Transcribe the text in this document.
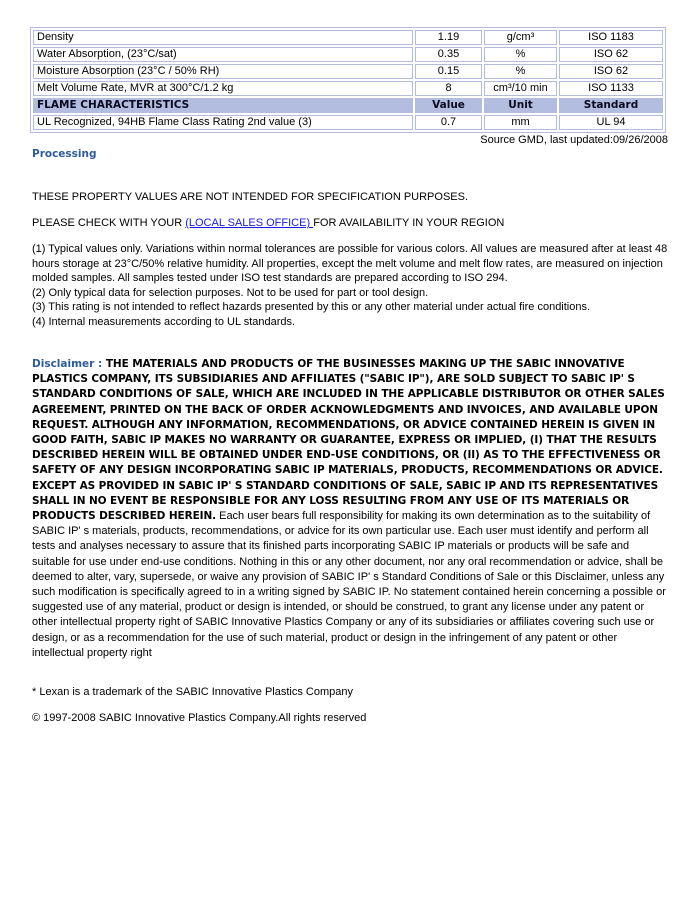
Density	1.19	g/cm³	ISO 1183
Water Absorption, (23°C/sat)	0.35	%	ISO 62
Moisture Absorption (23°C / 50% RH)	0.15	%	ISO 62
Melt Volume Rate, MVR at 300°C/1.2 kg	8	cm³/10 min	ISO 1133
FLAME CHARACTERISTICS	Value	Unit	Standard
UL Recognized, 94HB Flame Class Rating 2nd value (3)	0.7	mm	UL 94
Source GMD, last updated:09/26/2008
Processing

THESE PROPERTY VALUES ARE NOT INTENDED FOR SPECIFICATION PURPOSES.

PLEASE CHECK WITH YOUR (LOCAL SALES OFFICE) FOR AVAILABILITY IN YOUR REGION

(1) Typical values only. Variations within normal tolerances are possible for various colors. All values are measured after at least 48 hours storage at 23°C/50% relative humidity. All properties, except the melt volume and melt flow rates, are measured on injection molded samples. All samples tested under ISO test standards are prepared according to ISO 294.

(2) Only typical data for selection purposes. Not to be used for part or tool design.

(3) This rating is not intended to reflect hazards presented by this or any other material under actual fire conditions.

(4) Internal measurements according to UL standards.

Disclaimer : THE MATERIALS AND PRODUCTS OF THE BUSINESSES MAKING UP THE SABIC INNOVATIVE PLASTICS COMPANY, ITS SUBSIDIARIES AND AFFILIATES ("SABIC IP"), ARE SOLD SUBJECT TO SABIC IP' S STANDARD CONDITIONS OF SALE, WHICH ARE INCLUDED IN THE APPLICABLE DISTRIBUTOR OR OTHER SALES AGREEMENT, PRINTED ON THE BACK OF ORDER ACKNOWLEDGMENTS AND INVOICES, AND AVAILABLE UPON REQUEST. ALTHOUGH ANY INFORMATION, RECOMMENDATIONS, OR ADVICE CONTAINED HEREIN IS GIVEN IN GOOD FAITH, SABIC IP MAKES NO WARRANTY OR GUARANTEE, EXPRESS OR IMPLIED, (I) THAT THE RESULTS DESCRIBED HEREIN WILL BE OBTAINED UNDER END-USE CONDITIONS, OR (II) AS TO THE EFFECTIVENESS OR SAFETY OF ANY DESIGN INCORPORATING SABIC IP MATERIALS, PRODUCTS, RECOMMENDATIONS OR ADVICE. EXCEPT AS PROVIDED IN SABIC IP' S STANDARD CONDITIONS OF SALE, SABIC IP AND ITS REPRESENTATIVES SHALL IN NO EVENT BE RESPONSIBLE FOR ANY LOSS RESULTING FROM ANY USE OF ITS MATERIALS OR PRODUCTS DESCRIBED HEREIN. Each user bears full responsibility for making its own determination as to the suitability of SABIC IP' s materials, products, recommendations, or advice for its own particular use. Each user must identify and perform all tests and analyses necessary to assure that its finished parts incorporating SABIC IP materials or products will be safe and suitable for use under end-use conditions. Nothing in this or any other document, nor any oral recommendation or advice, shall be deemed to alter, vary, supersede, or waive any provision of SABIC IP' s Standard Conditions of Sale or this Disclaimer, unless any such modification is specifically agreed to in a writing signed by SABIC IP. No statement contained herein concerning a possible or suggested use of any material, product or design is intended, or should be construed, to grant any license under any patent or other intellectual property right of SABIC Innovative Plastics Company or any of its subsidiaries or affiliates covering such use or design, or as a recommendation for the use of such material, product or design in the infringement of any patent or other intellectual property right

* Lexan is a trademark of the SABIC Innovative Plastics Company

© 1997-2008 SABIC Innovative Plastics Company.All rights reserved
